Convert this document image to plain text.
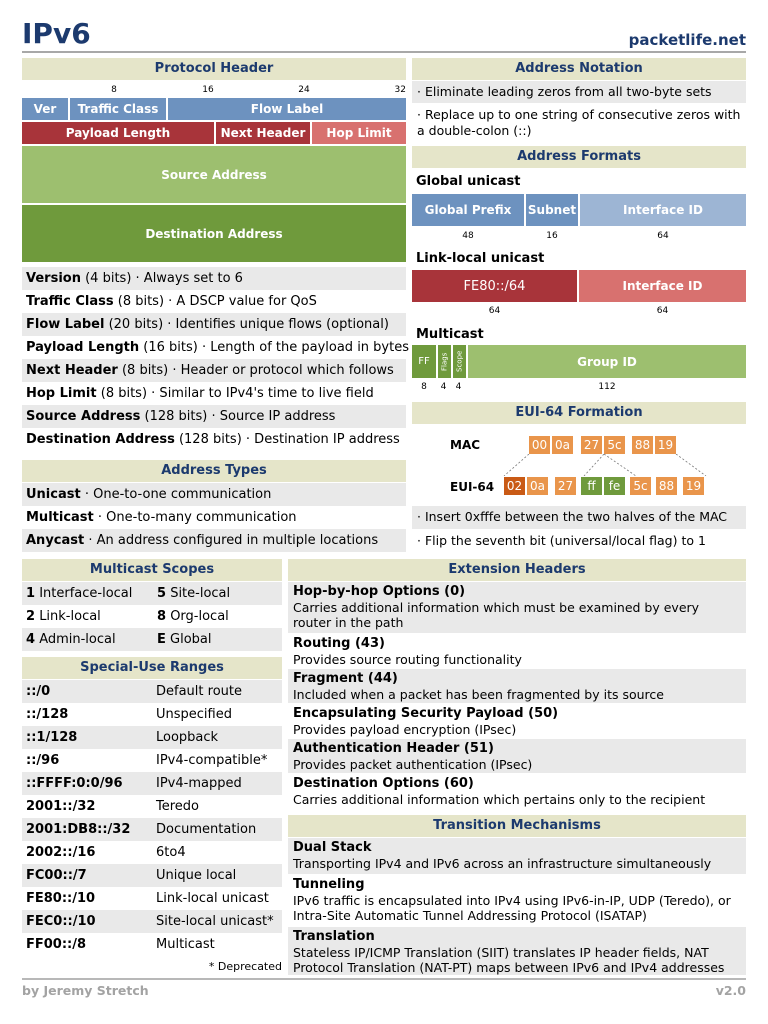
IPv6	packetlife.net
Protocol Header
8	16	24	32
Ver	Traffic Class	Flow Label
Payload Length	Next Header	Hop Limit
Source Address
Destination Address
Version (4 bits) · Always set to 6
Traffic Class (8 bits) · A DSCP value for QoS
Flow Label (20 bits) · Identifies unique flows (optional)
Payload Length (16 bits) · Length of the payload in bytes
Next Header (8 bits) · Header or protocol which follows
Hop Limit (8 bits) · Similar to IPv4's time to live field
Source Address (128 bits) · Source IP address
Destination Address (128 bits) · Destination IP address
Address Types
Unicast · One-to-one communication
Multicast · One-to-many communication
Anycast · An address configured in multiple locations
Address Notation
· Eliminate leading zeros from all two-byte sets
· Replace up to one string of consecutive zeros with a double-colon (::)
Address Formats
Global unicast
Global Prefix	Subnet	Interface ID
48	16	64
Link-local unicast
FE80::/64	Interface ID
64	64
Multicast
FF	Flags	Scope	Group ID
8	4	4	112
EUI-64 Formation
MAC	00 0a 27 5c 88 19
EUI-64 02 0a 27	ff	fe	5c 88 19
· Insert 0xfffe between the two halves of the MAC
· Flip the seventh bit (universal/local flag) to 1
Multicast Scopes
1 Interface-local 5 Site-local
2 Link-local	8 Org-local
4 Admin-local	E Global
Special-Use Ranges
::/0	Default route
::/128	Unspecified
::1/128	Loopback
::/96	IPv4-compatible*
::FFFF:0:0/96	IPv4-mapped
2001::/32	Teredo
2001:DB8::/32 Documentation
2002::/16	6to4
FC00::/7	Unique local
FE80::/10	Link-local unicast
FEC0::/10	Site-local unicast*
FF00::/8	Multicast
* Deprecated
Extension Headers
Hop-by-hop Options (0)
Carries additional information which must be examined by every router in the path
Routing (43)
Provides source routing functionality
Fragment (44)
Included when a packet has been fragmented by its source
Encapsulating Security Payload (50)
Provides payload encryption (IPsec)
Authentication Header (51)
Provides packet authentication (IPsec)
Destination Options (60)
Carries additional information which pertains only to the recipient
Transition Mechanisms
Dual Stack
Transporting IPv4 and IPv6 across an infrastructure simultaneously
Tunneling
IPv6 traffic is encapsulated into IPv4 using IPv6-in-IP, UDP (Teredo), or Intra-Site Automatic Tunnel Addressing Protocol (ISATAP)
Translation
Stateless IP/ICMP Translation (SIIT) translates IP header fields, NAT Protocol Translation (NAT-PT) maps between IPv6 and IPv4 addresses
by Jeremy Stretch	v2.0
